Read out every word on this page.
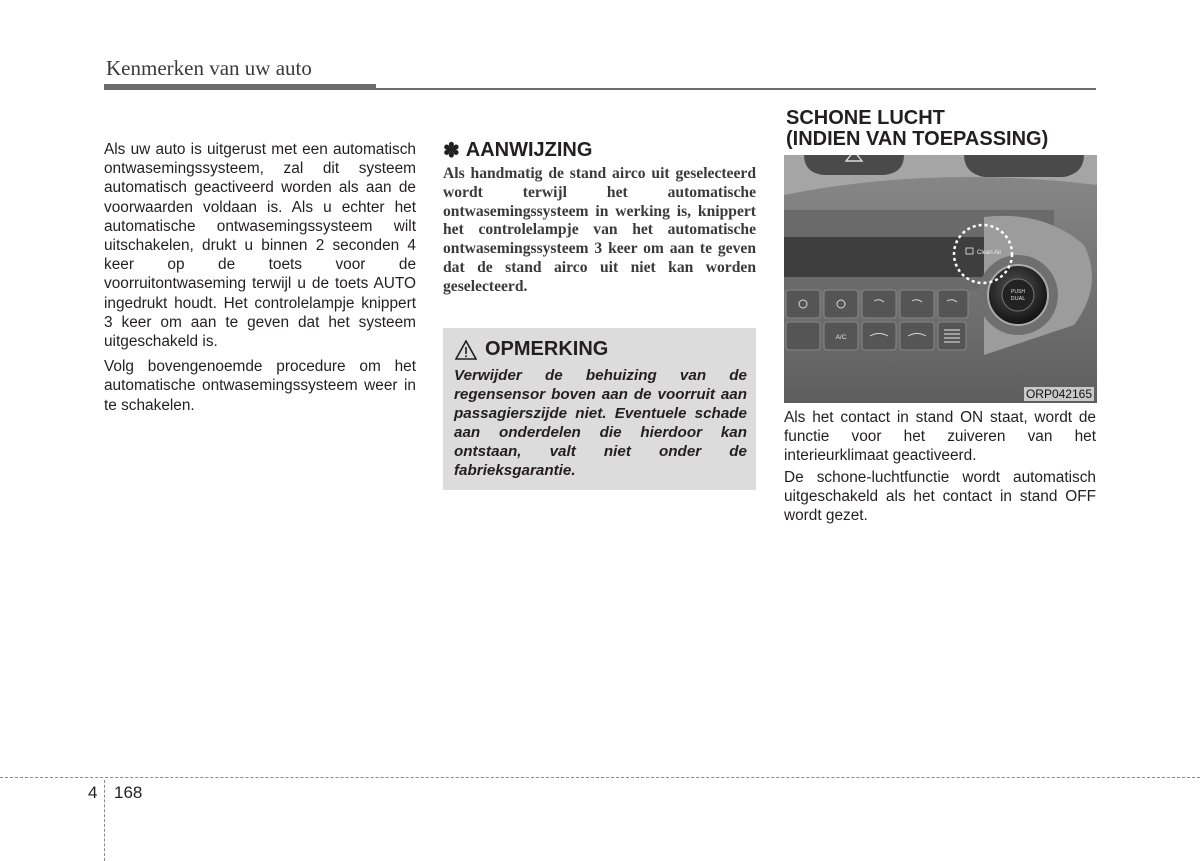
Kenmerken van uw auto

Als uw auto is uitgerust met een automatisch ontwasemingssysteem, zal dit systeem automatisch geactiveerd worden als aan de voorwaarden voldaan is. Als u echter het automatische ontwasemingssysteem wilt uitschakelen, drukt u binnen 2 seconden 4 keer op de toets voor de voorruitontwaseming terwijl u de toets AUTO ingedrukt houdt. Het controlelampje knippert 3 keer om aan te geven dat het systeem uitgeschakeld is.

Volg bovengenoemde procedure om het automatische ontwasemingssysteem weer in te schakelen.

✽ AANWIJZING

Als handmatig de stand airco uit geselecteerd wordt terwijl het automatische ontwasemingssysteem in werking is, knippert het controlelampje van het automatische ontwasemingssysteem 3 keer om aan te geven dat de stand airco uit niet kan worden geselecteerd.

OPMERKING

Verwijder de behuizing van de regensensor boven aan de voorruit aan passagierszijde niet. Eventuele schade aan onderdelen die hierdoor kan ontstaan, valt niet onder de fabrieksgarantie.

SCHONE LUCHT
(INDIEN VAN TOEPASSING)
PUSH
DUAL
Clean Air
A/C
ORP042165

Als het contact in stand ON staat, wordt de functie voor het zuiveren van het interieurklimaat geactiveerd.

De schone-luchtfunctie wordt automatisch uitgeschakeld als het contact in stand OFF wordt gezet.

4 168
